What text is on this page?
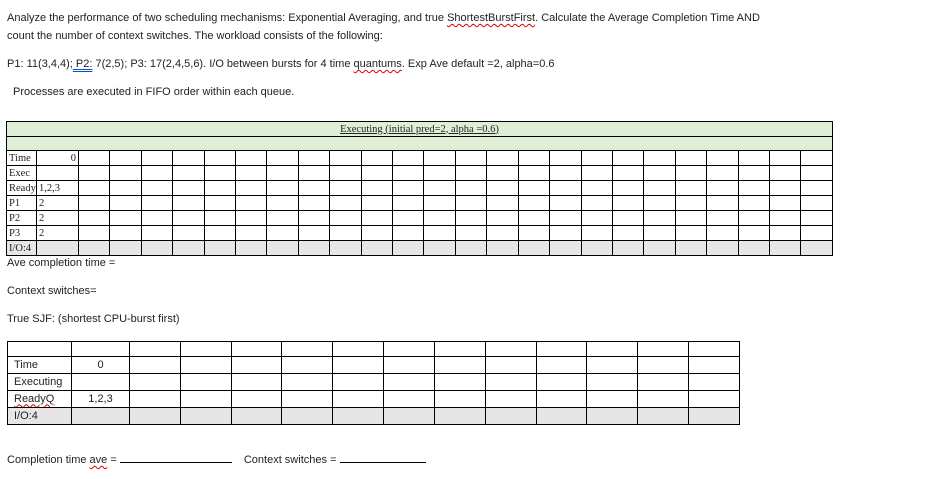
Analyze the performance of two scheduling mechanisms: Exponential Averaging, and true ShortestBurstFirst. Calculate the Average Completion Time AND
count the number of context switches. The workload consists of the following:
P1: 11(3,4,4); P2: 7(2,5); P3: 17(2,4,5,6). I/O between bursts for 4 time quantums. Exp Ave default =2, alpha=0.6
Processes are executed in FIFO order within each queue.
Executing (initial pred=2, alpha =0.6)																									

Time	0																								
Exec																									
Ready	1,2,3																								
P1	2																								
P2	2																								
P3	2																								
I/O:4																									
Ave completion time =
Context switches=
True SJF: (shortest CPU-burst first)

Time	0												
Executing													
ReadyQ	1,2,3												
I/O:4													
Completion time ave =	Context switches =
